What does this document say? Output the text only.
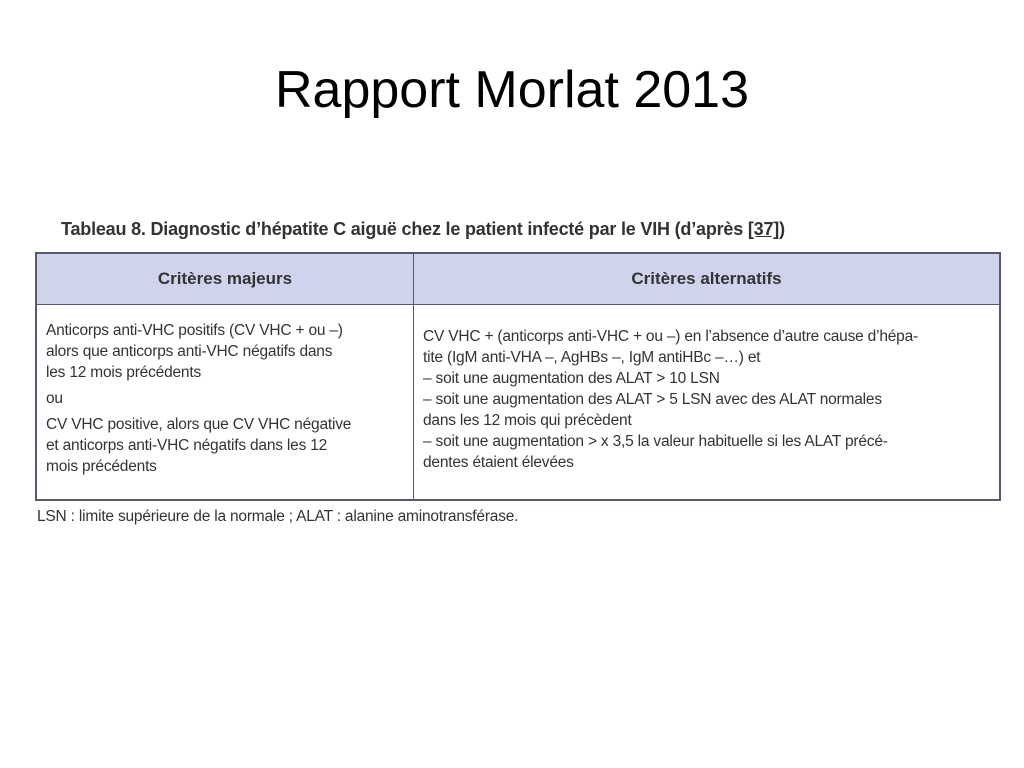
Rapport Morlat 2013
Tableau 8. Diagnostic d’hépatite C aiguë chez le patient infecté par le VIH (d’après [37])
Critères majeurs	Critères alternatifs

Anticorps anti-VHC positifs (CV VHC + ou –)

alors que anticorps anti-VHC négatifs dans

les 12 mois précédents

ou

CV VHC positive, alors que CV VHC négative

et anticorps anti-VHC négatifs dans les 12

mois précédents

CV VHC + (anticorps anti-VHC + ou –) en l’absence d’autre cause d’hépa-

tite (IgM anti-VHA –, AgHBs –, IgM antiHBc –…) et

– soit une augmentation des ALAT > 10 LSN

– soit une augmentation des ALAT > 5 LSN avec des ALAT normales

dans les 12 mois qui précèdent

– soit une augmentation > x 3,5 la valeur habituelle si les ALAT précé-

dentes étaient élevées

LSN : limite supérieure de la normale ; ALAT : alanine aminotransférase.
